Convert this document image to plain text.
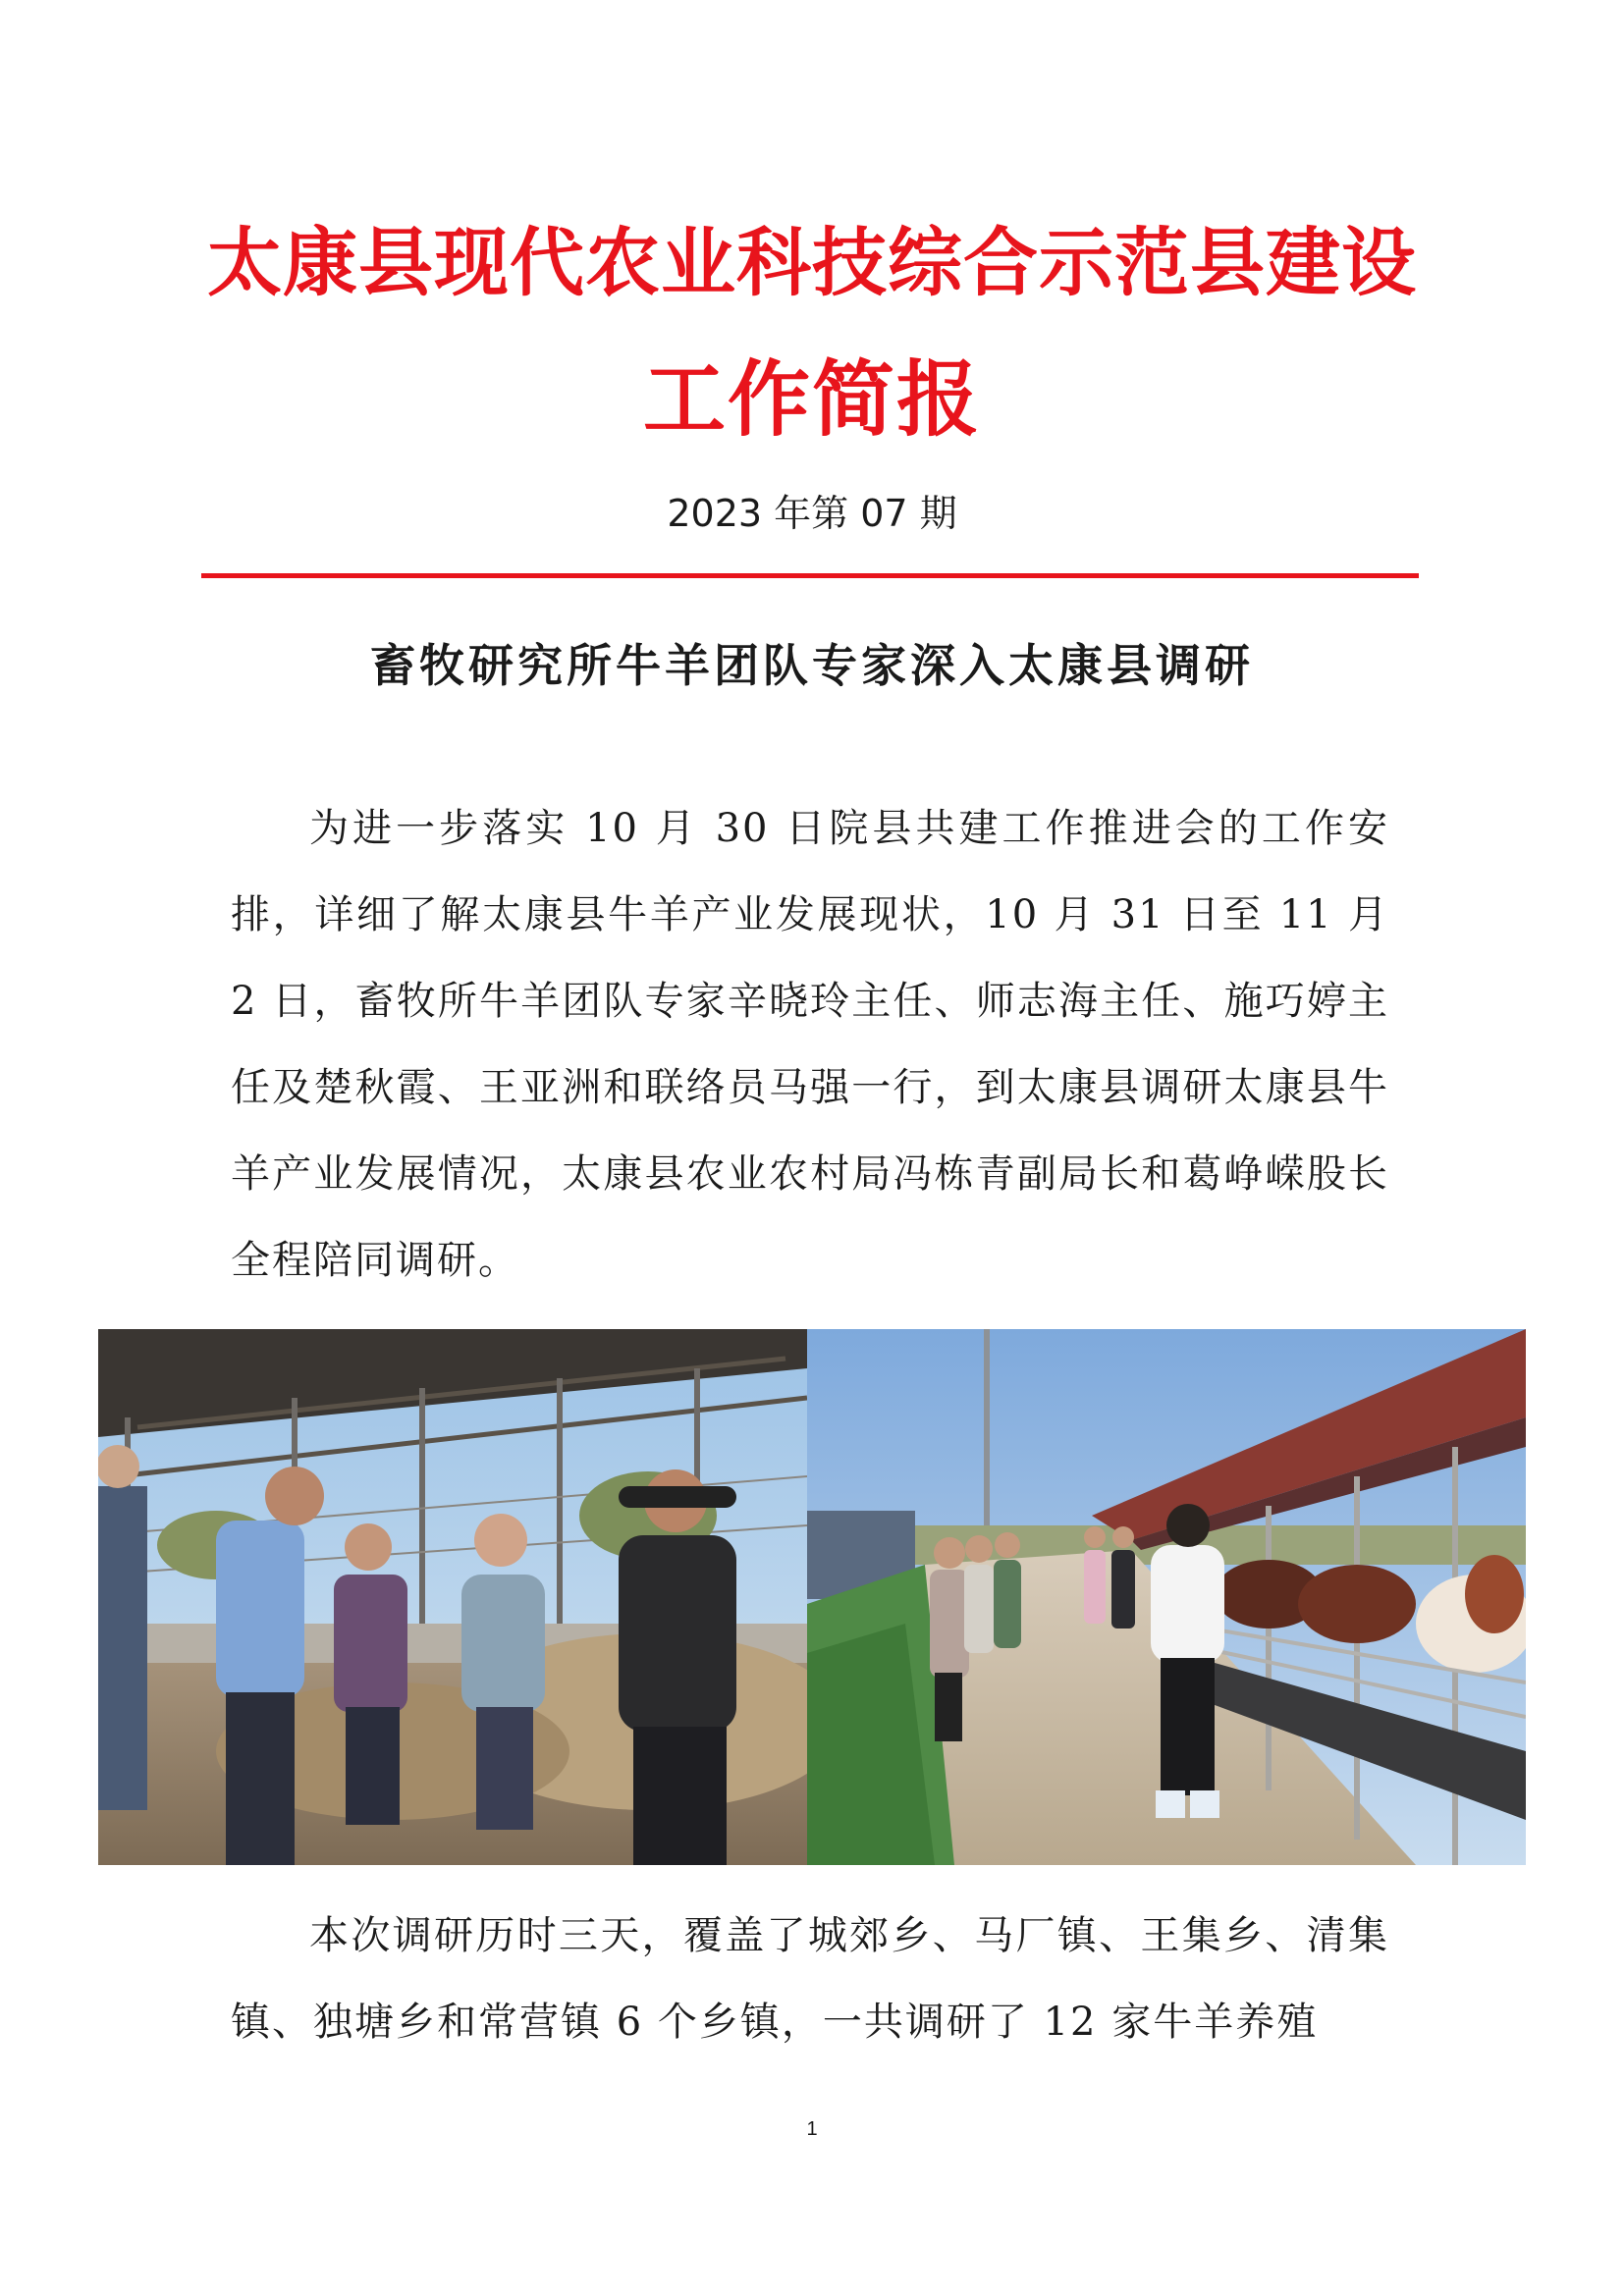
太康县现代农业科技综合示范县建设
工作简报
2023 年第 07 期
畜牧研究所牛羊团队专家深入太康县调研

为进一步落实 10 月 30 日院县共建工作推进会的工作安排，详细了解太康县牛羊产业发展现状，10 月 31 日至 11 月 2 日，畜牧所牛羊团队专家辛晓玲主任、师志海主任、施巧婷主任及楚秋霞、王亚洲和联络员马强一行，到太康县调研太康县牛羊产业发展情况，太康县农业农村局冯栋青副局长和葛峥嵘股长全程陪同调研。

本次调研历时三天，覆盖了城郊乡、马厂镇、王集乡、清集镇、独塘乡和常营镇 6 个乡镇，一共调研了 12 家牛羊养殖

1
